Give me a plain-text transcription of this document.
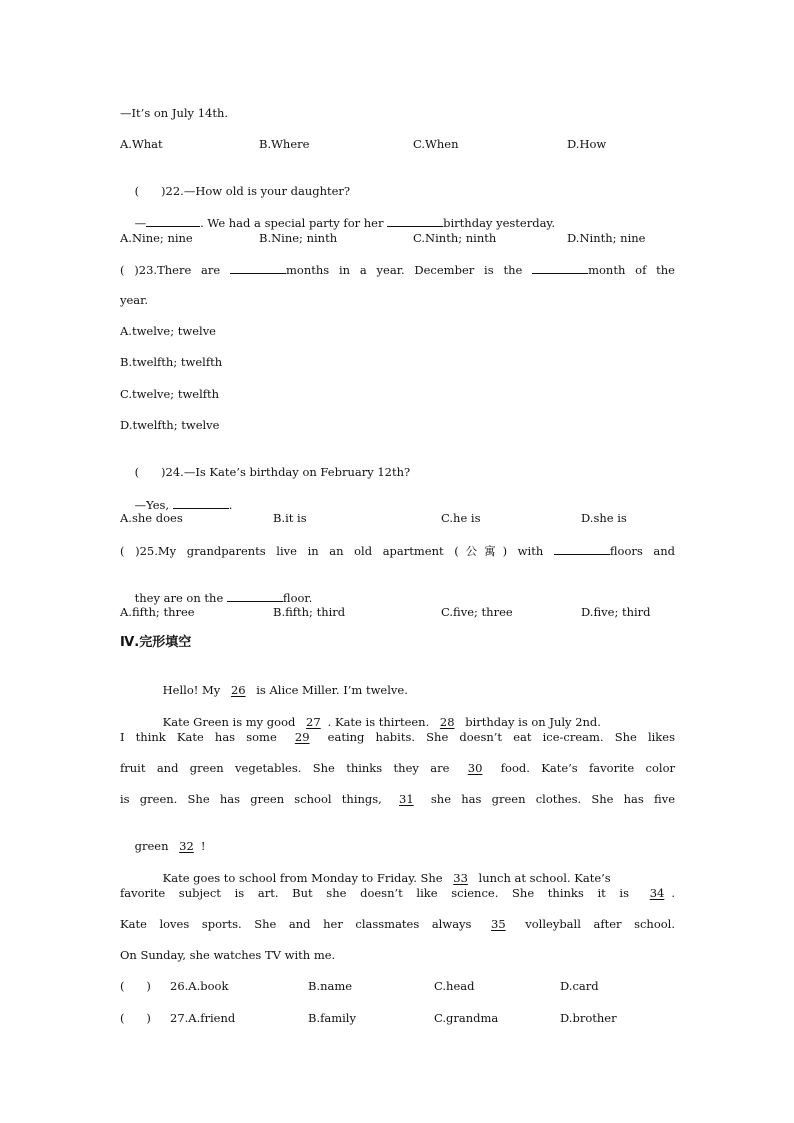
—It’s on July 14th.
A.What	B.Where	C.When	D.How

(      )22.—How old is your daughter?

—	. We had a special party for her	birthday yesterday.

A.Nine; nine	B.Nine; ninth	C.Ninth; ninth	D.Ninth; nine
( )23.There are	months in a year. December is the	month of the
year.
A.twelve; twelve
B.twelfth; twelfth
C.twelve; twelfth
D.twelfth; twelve

(      )24.—Is Kate’s birthday on February 12th?

—Yes,	.

A.she does	B.it is	C.he is	D.she is
( )25.My grandparents live in an old apartment (公寓) with	floors and

they are on the	floor.

A.fifth; three	B.fifth; third	C.five; three	D.five; third
Ⅳ.完形填空

Hello! My 26 is Alice Miller. I’m twelve.

Kate Green is my good 27 . Kate is thirteen. 28 birthday is on July 2nd.

I think Kate has some 29 eating habits. She doesn’t eat ice-cream. She likes
fruit and green vegetables. She thinks they are 30 food. Kate’s favorite color
is green. She has green school things, 31 she has green clothes. She has five

green 32 !

Kate goes to school from Monday to Friday. She 33 lunch at school. Kate’s

favorite subject is art. But she doesn’t like science. She thinks it is 34 .
Kate loves sports. She and her classmates always 35 volleyball after school.
On Sunday, she watches TV with me.
(      ) 26.A.book	B.name	C.head	D.card
(      ) 27.A.friend	B.family	C.grandma	D.brother
